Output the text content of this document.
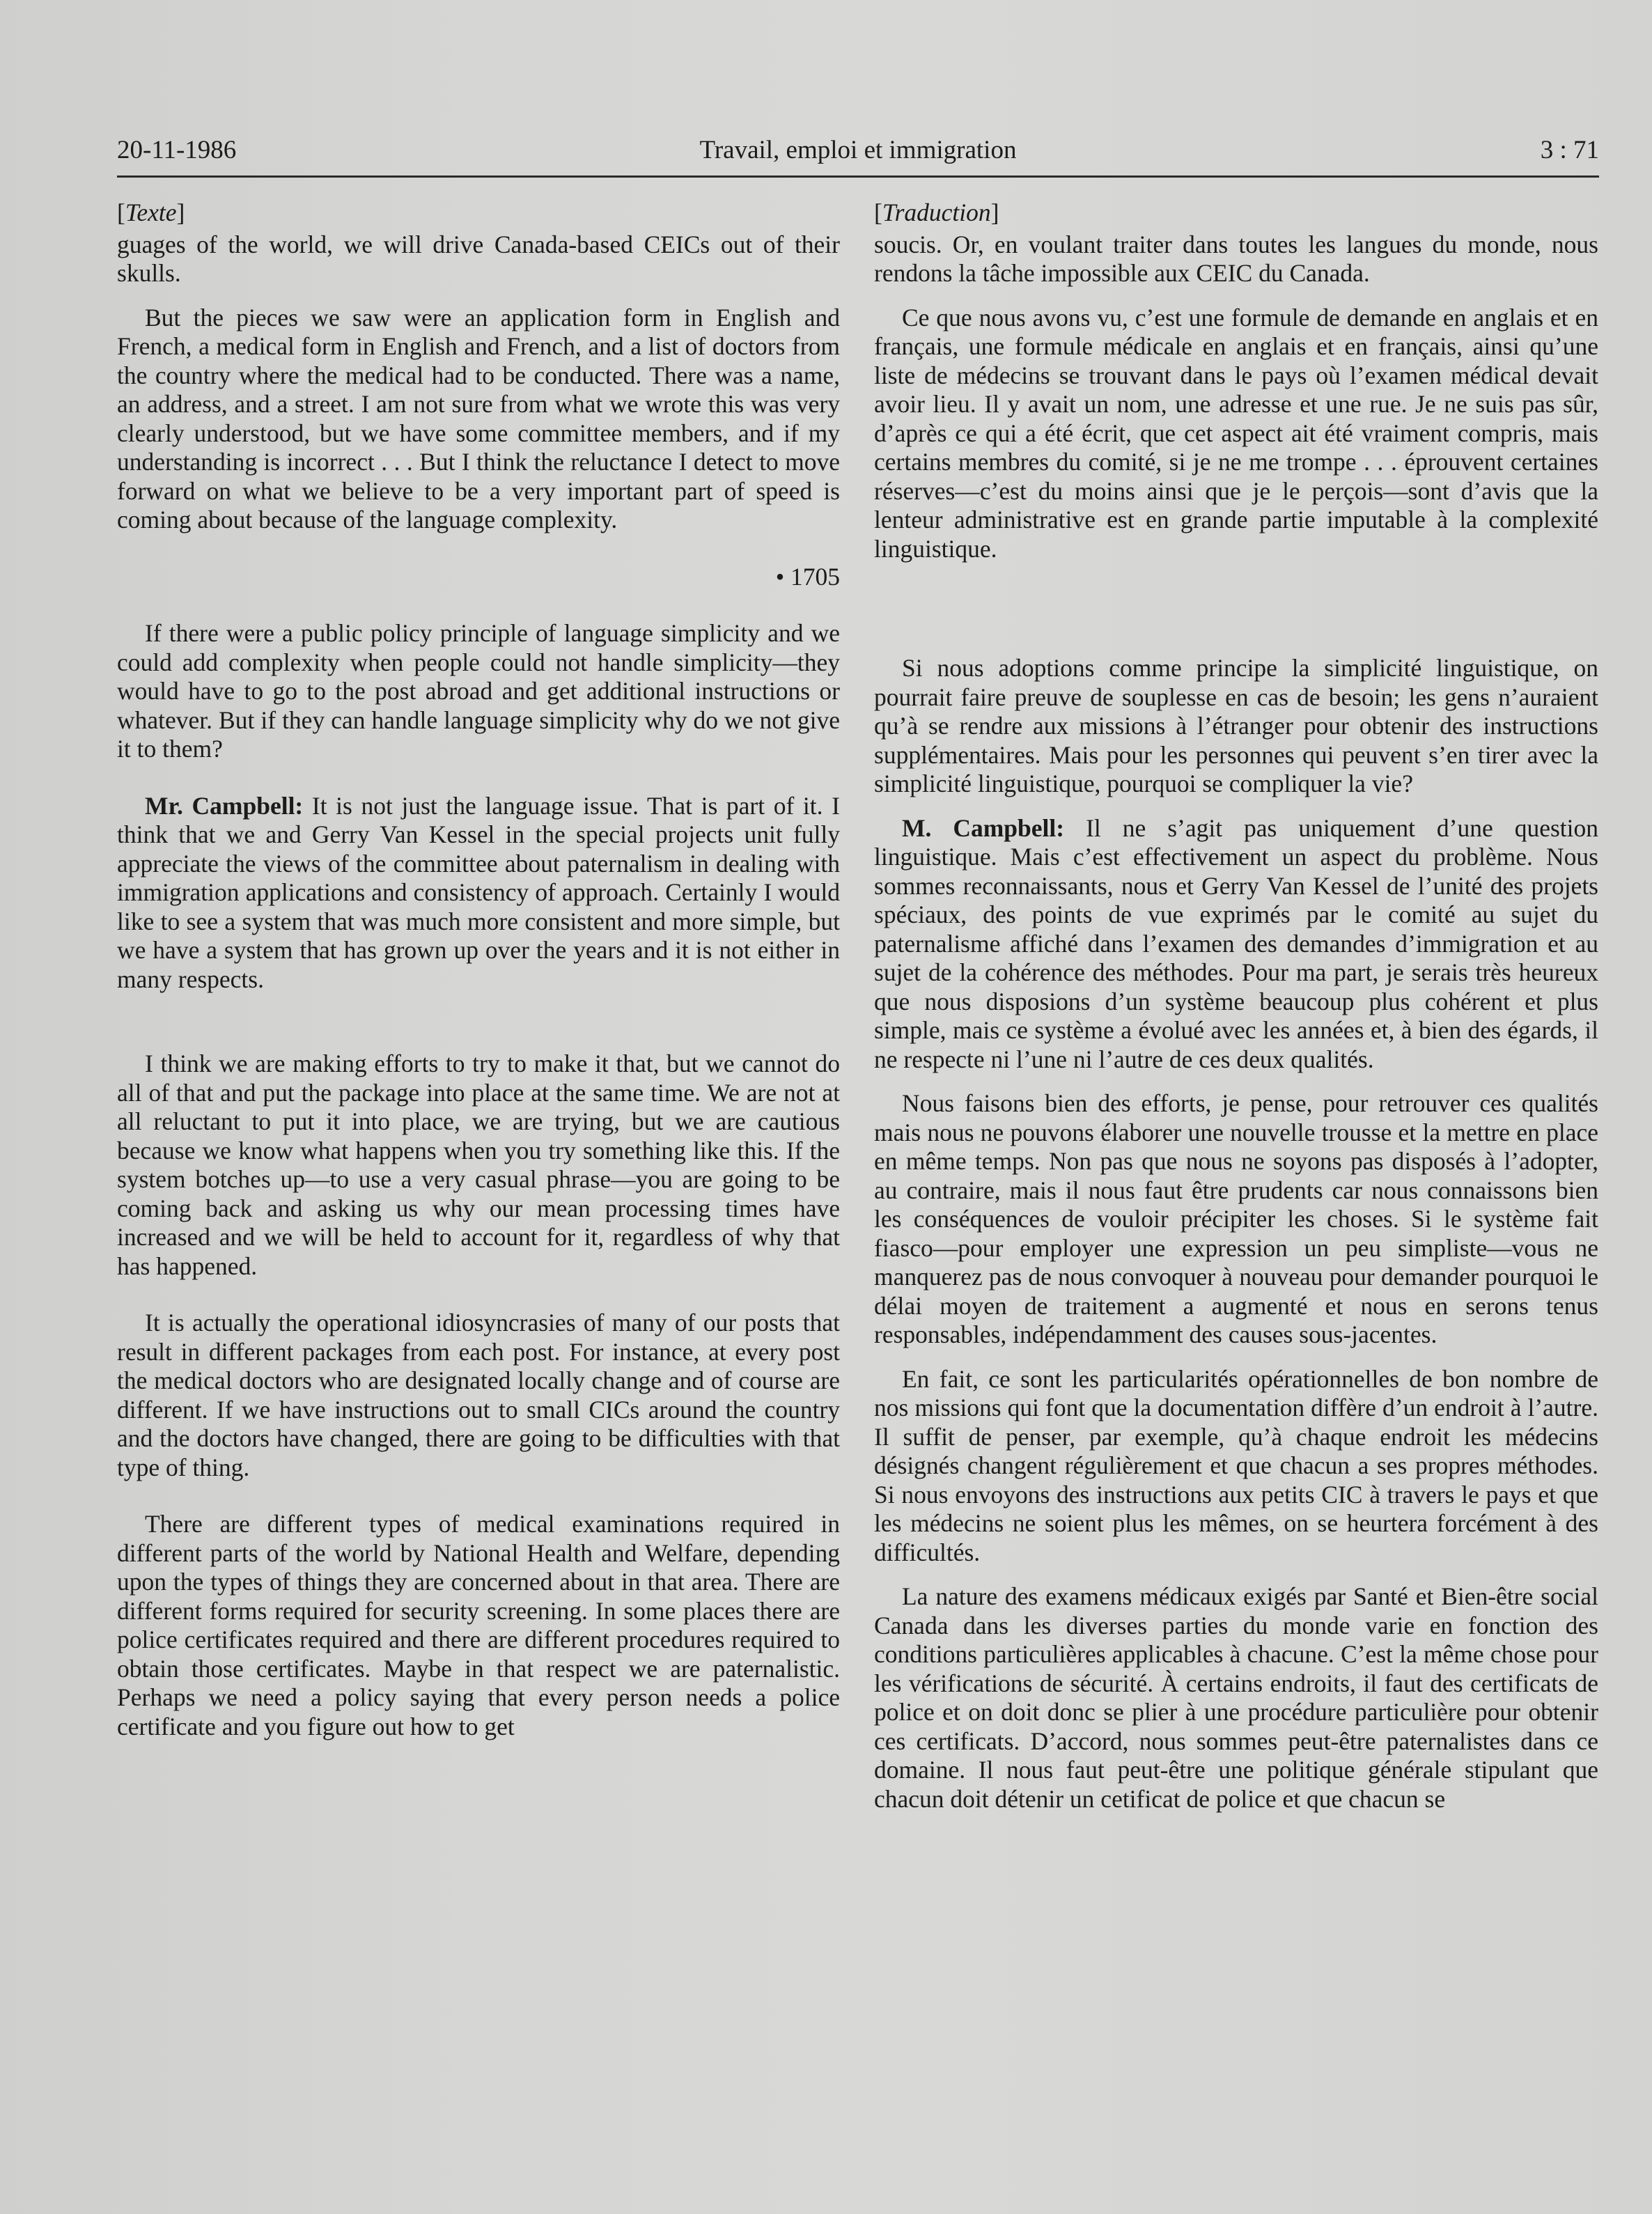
20-11-1986	Travail, emploi et immigration	3 : 71

[Texte]

guages of the world, we will drive Canada-based CEICs out of their skulls.

But the pieces we saw were an application form in English and French, a medical form in English and French, and a list of doctors from the country where the medical had to be conducted. There was a name, an address, and a street. I am not sure from what we wrote this was very clearly understood, but we have some committee members, and if my understanding is incorrect . . . But I think the reluctance I detect to move forward on what we believe to be a very important part of speed is coming about because of the language complexity.

• 1705

If there were a public policy principle of language simplicity and we could add complexity when people could not handle simplicity—they would have to go to the post abroad and get additional instructions or whatever. But if they can handle language simplicity why do we not give it to them?

Mr. Campbell: It is not just the language issue. That is part of it. I think that we and Gerry Van Kessel in the special projects unit fully appreciate the views of the committee about paternalism in dealing with immigration applications and consistency of approach. Certainly I would like to see a system that was much more consistent and more simple, but we have a system that has grown up over the years and it is not either in many respects.

I think we are making efforts to try to make it that, but we cannot do all of that and put the package into place at the same time. We are not at all reluctant to put it into place, we are trying, but we are cautious because we know what happens when you try something like this. If the system botches up—to use a very casual phrase—you are going to be coming back and asking us why our mean processing times have increased and we will be held to account for it, regardless of why that has happened.

It is actually the operational idiosyncrasies of many of our posts that result in different packages from each post. For instance, at every post the medical doctors who are designated locally change and of course are different. If we have instructions out to small CICs around the country and the doctors have changed, there are going to be difficulties with that type of thing.

There are different types of medical examinations required in different parts of the world by National Health and Welfare, depending upon the types of things they are concerned about in that area. There are different forms required for security screening. In some places there are police certificates required and there are different procedures required to obtain those certificates. Maybe in that respect we are paternalistic. Perhaps we need a policy saying that every person needs a police certificate and you figure out how to get

[Traduction]

soucis. Or, en voulant traiter dans toutes les langues du monde, nous rendons la tâche impossible aux CEIC du Canada.

Ce que nous avons vu, c’est une formule de demande en anglais et en français, une formule médicale en anglais et en français, ainsi qu’une liste de médecins se trouvant dans le pays où l’examen médical devait avoir lieu. Il y avait un nom, une adresse et une rue. Je ne suis pas sûr, d’après ce qui a été écrit, que cet aspect ait été vraiment compris, mais certains membres du comité, si je ne me trompe . . . éprouvent certaines réserves—c’est du moins ainsi que je le perçois—sont d’avis que la lenteur administrative est en grande partie imputable à la complexité linguistique.

Si nous adoptions comme principe la simplicité linguistique, on pourrait faire preuve de souplesse en cas de besoin; les gens n’auraient qu’à se rendre aux missions à l’étranger pour obtenir des instructions supplémentaires. Mais pour les personnes qui peuvent s’en tirer avec la simplicité linguistique, pourquoi se compliquer la vie?

M. Campbell: Il ne s’agit pas uniquement d’une question linguistique. Mais c’est effectivement un aspect du problème. Nous sommes reconnaissants, nous et Gerry Van Kessel de l’unité des projets spéciaux, des points de vue exprimés par le comité au sujet du paternalisme affiché dans l’examen des demandes d’immigration et au sujet de la cohérence des méthodes. Pour ma part, je serais très heureux que nous disposions d’un système beaucoup plus cohérent et plus simple, mais ce système a évolué avec les années et, à bien des égards, il ne respecte ni l’une ni l’autre de ces deux qualités.

Nous faisons bien des efforts, je pense, pour retrouver ces qualités mais nous ne pouvons élaborer une nouvelle trousse et la mettre en place en même temps. Non pas que nous ne soyons pas disposés à l’adopter, au contraire, mais il nous faut être prudents car nous connaissons bien les conséquences de vouloir précipiter les choses. Si le système fait fiasco—pour employer une expression un peu simpliste—vous ne manquerez pas de nous convoquer à nouveau pour demander pourquoi le délai moyen de traitement a augmenté et nous en serons tenus responsables, indépendamment des causes sous-jacentes.

En fait, ce sont les particularités opérationnelles de bon nombre de nos missions qui font que la documentation diffère d’un endroit à l’autre. Il suffit de penser, par exemple, qu’à chaque endroit les médecins désignés changent régulièrement et que chacun a ses propres méthodes. Si nous envoyons des instructions aux petits CIC à travers le pays et que les médecins ne soient plus les mêmes, on se heurtera forcément à des difficultés.

La nature des examens médicaux exigés par Santé et Bien-être social Canada dans les diverses parties du monde varie en fonction des conditions particulières applicables à chacune. C’est la même chose pour les vérifications de sécurité. À certains endroits, il faut des certificats de police et on doit donc se plier à une procédure particulière pour obtenir ces certificats. D’accord, nous sommes peut-être paternalistes dans ce domaine. Il nous faut peut-être une politique générale stipulant que chacun doit détenir un cetificat de police et que chacun se
